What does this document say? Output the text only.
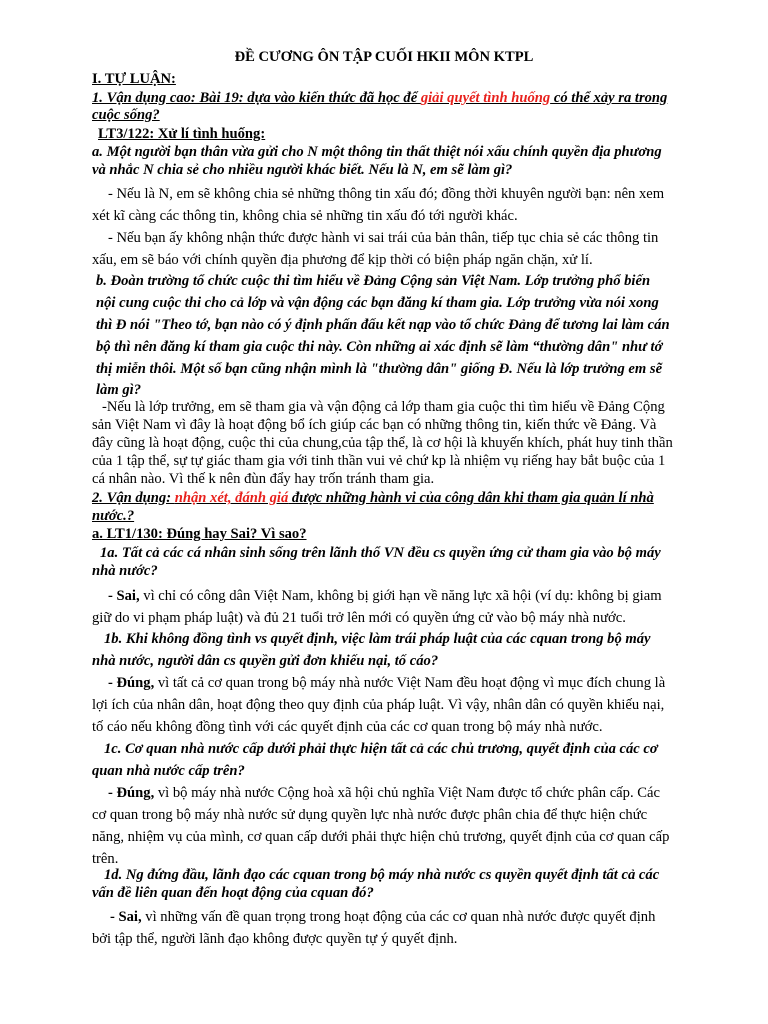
ĐỀ CƯƠNG ÔN TẬP CUỐI HKII MÔN KTPL
I. TỰ LUẬN:
1. Vận dụng cao: Bài 19: dựa vào kiến thức đã học để giải quyết tình huống có thể xảy ra trong
cuộc sống?
LT3/122: Xử lí tình huống:
a. Một người bạn thân vừa gửi cho N một thông tin thất thiệt nói xấu chính quyền địa phương
và nhắc N chia sẻ cho nhiều người khác biết. Nếu là N, em sẽ làm gì?
- Nếu là N, em sẽ không chia sẻ những thông tin xấu đó; đồng thời khuyên người bạn: nên xem
xét kĩ càng các thông tin, không chia sẻ những tin xấu đó tới người khác.
- Nếu bạn ấy không nhận thức được hành vi sai trái của bản thân, tiếp tục chia sẻ các thông tin
xấu, em sẽ báo với chính quyền địa phương để kịp thời có biện pháp ngăn chặn, xử lí.
b. Đoàn trường tổ chức cuộc thi tìm hiểu về Đảng Cộng sản Việt Nam. Lớp trưởng phổ biến
nội cung cuộc thi cho cả lớp và vận động các bạn đăng kí tham gia. Lớp trưởng vừa nói xong
thì Đ nói "Theo tớ, bạn nào có ý định phấn đấu kết nạp vào tổ chức Đảng để tương lai làm cán
bộ thì nên đăng kí tham gia cuộc thi này. Còn những ai xác định sẽ làm “thường dân" như tớ
thị miễn thôi. Một số bạn cũng nhận mình là "thường dân" giống Đ. Nếu là lớp trưởng em sẽ
làm gì?
-Nếu là lớp trưởng, em sẽ tham gia và vận động cả lớp tham gia cuộc thi tìm hiểu về Đảng Cộng
sản Việt Nam vì đây là hoạt động bổ ích giúp các bạn có những thông tin, kiến thức về Đảng. Và
đây cũng là hoạt động, cuộc thi của chung,của tập thể, là cơ hội là khuyến khích, phát huy tinh thần
của 1 tập thể, sự tự giác tham gia với tinh thần vui vẻ chứ kp là nhiệm vụ riếng hay bắt buộc của 1
cá nhân nào. Vì thế k nên đùn đẩy hay trốn tránh tham gia.
2. Vận dụng: nhận xét, đánh giá được những hành vi của công dân khi tham gia quản lí nhà
nước.?
a. LT1/130: Đúng hay Sai? Vì sao?
1a. Tất cả các cá nhân sinh sống trên lãnh thổ VN đều cs quyền ứng cử tham gia vào bộ máy
nhà nước?
- Sai, vì chỉ có công dân Việt Nam, không bị giới hạn về năng lực xã hội (ví dụ: không bị giam
giữ do vi phạm pháp luật) và đủ 21 tuổi trở lên mới có quyền ứng cử vào bộ máy nhà nước.
1b. Khi không đồng tình vs quyết định, việc làm trái pháp luật của các cquan trong bộ máy
nhà nước, người dân cs quyền gửi đơn khiếu nại, tố cáo?
- Đúng, vì tất cả cơ quan trong bộ máy nhà nước Việt Nam đều hoạt động vì mục đích chung là
lợi ích của nhân dân, hoạt động theo quy định của pháp luật. Vì vậy, nhân dân có quyền khiếu nại,
tố cáo nếu không đồng tình với các quyết định của các cơ quan trong bộ máy nhà nước.
1c. Cơ quan nhà nước cấp dưới phải thực hiện tất cả các chủ trương, quyết định của các cơ
quan nhà nước cấp trên?
- Đúng, vì bộ máy nhà nước Cộng hoà xã hội chủ nghĩa Việt Nam được tổ chức phân cấp. Các
cơ quan trong bộ máy nhà nước sử dụng quyền lực nhà nước được phân chia để thực hiện chức
năng, nhiệm vụ của mình, cơ quan cấp dưới phải thực hiện chủ trương, quyết định của cơ quan cấp
trên.
1d. Ng đứng đầu, lãnh đạo các cquan trong bộ máy nhà nước cs quyền quyết định tất cả các
vấn đề liên quan đến hoạt động của cquan đó?
- Sai, vì những vấn đề quan trọng trong hoạt động của các cơ quan nhà nước được quyết định
bởi tập thể, người lãnh đạo không được quyền tự ý quyết định.
